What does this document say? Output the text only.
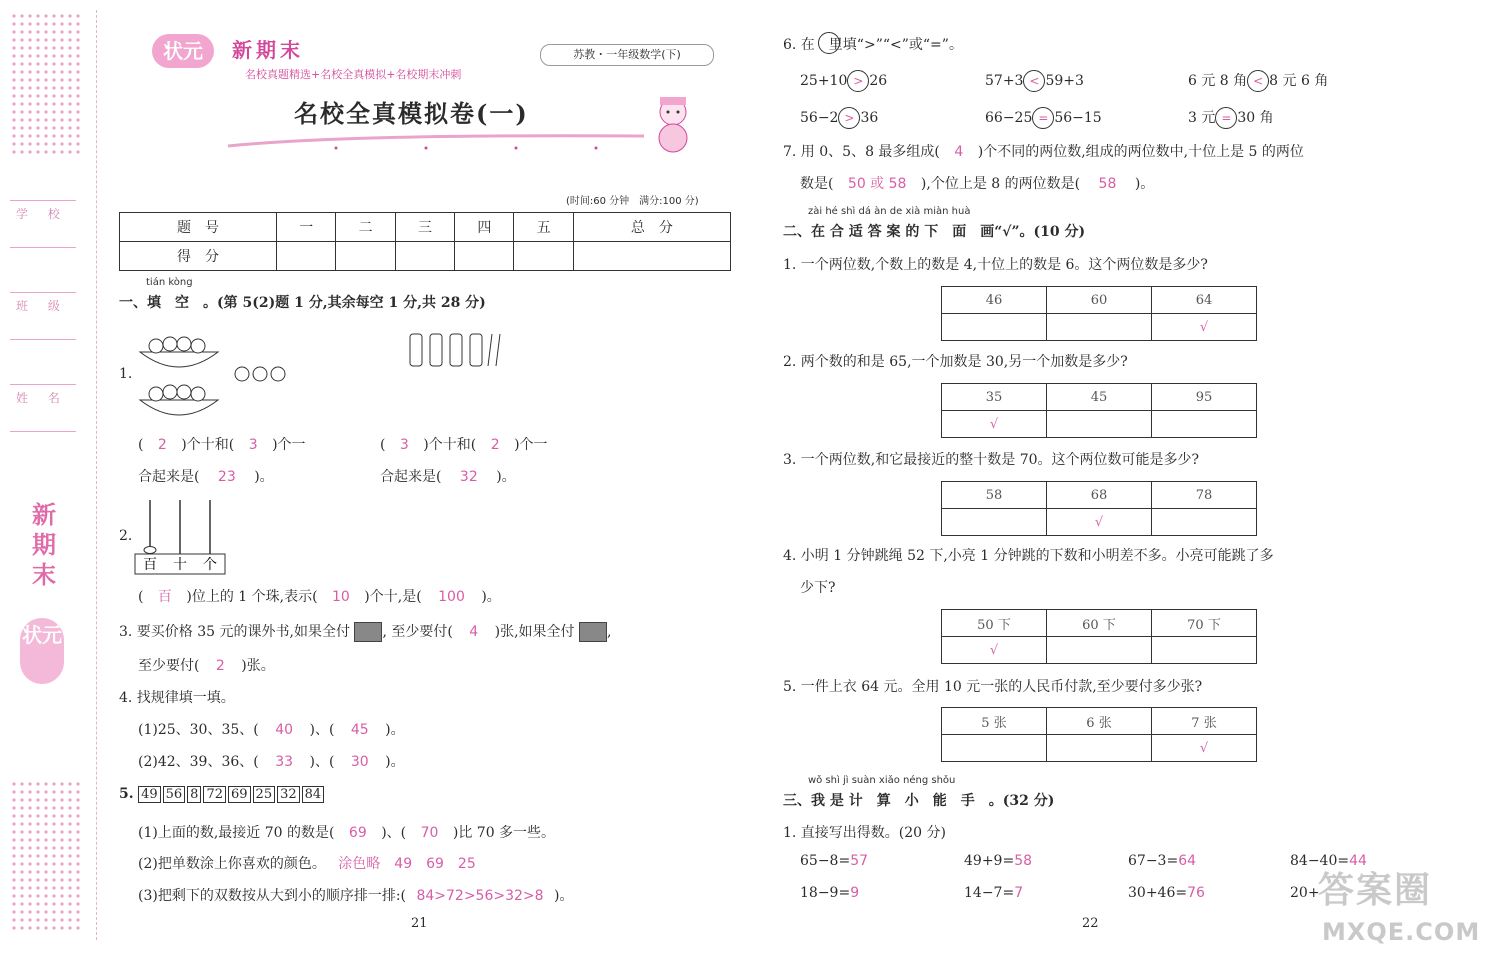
学 校
班 级
姓 名
新期末
状元
状元	新期末
名校真题精选+名校全真模拟+名校期末冲刺
苏教・一年级数学(下)
名校全真模拟卷(一)
(时间:60 分钟　满分:100 分)
题　号	一	二	三	四	五	总　分
得　分						
tián kòng
一、填　空　。(第 5(2)题 1 分,其余每空 1 分,共 28 分)
1.
( 2 )个十和( 3 )个一
合起来是( 23 )。
( 3 )个十和( 2 )个一
合起来是( 32 )。
2.
百 十 个
( 百 )位上的 1 个珠,表示( 10 )个十,是( 100 )。
3. 要买价格 35 元的课外书,如果全付 , 至少要付( 4 )张,如果全付 ,
至少要付( 2 )张。
4. 找规律填一填。
(1)25、30、35、( 40 )、( 45 )。
(2)42、39、36、( 33 )、( 30 )。
5. 49 56 8 72 69 25 32 84
(1)上面的数,最接近 70 的数是( 69 )、( 70 )比 70 多一些。
(2)把单数涂上你喜欢的颜色。 涂色略　49　69　25
(3)把剩下的双数按从大到小的顺序排一排:( 84>72>56>32>8 )。
21
6. 在　里填“>”“<”或“=”。
25+10 > 26	57+3 < 59+3	6 元 8 角 < 8 元 6 角
56−2 > 36	66−25 = 56−15	3 元 = 30 角
7. 用 0、5、8 最多组成( 4 )个不同的两位数,组成的两位数中,十位上是 5 的两位
数是( 50 或 58 ),个位上是 8 的两位数是( 58 )。
zài hé shì dá àn de xià miàn huà
二、在 合 适 答 案 的 下　面　画“√”。(10 分)
1. 一个两位数,个数上的数是 4,十位上的数是 6。这个两位数是多少?
46	60	64
		√
2. 两个数的和是 65,一个加数是 30,另一个加数是多少?
35	45	95
√		
3. 一个两位数,和它最接近的整十数是 70。这个两位数可能是多少?
58	68	78
	√	
4. 小明 1 分钟跳绳 52 下,小亮 1 分钟跳的下数和小明差不多。小亮可能跳了多
少下?
50 下	60 下	70 下
√		
5. 一件上衣 64 元。全用 10 元一张的人民币付款,至少要付多少张?
5 张	6 张	7 张
		√
wǒ shì jì suàn xiǎo néng shǒu
三、我 是 计　算　小　能　手　。(32 分)
1. 直接写出得数。(20 分)
65−8=57	49+9=58	67−3=64	84−40=44
18−9=9	14−7=7	30+46=76	20+
22
答案圈
MXQE.COM
